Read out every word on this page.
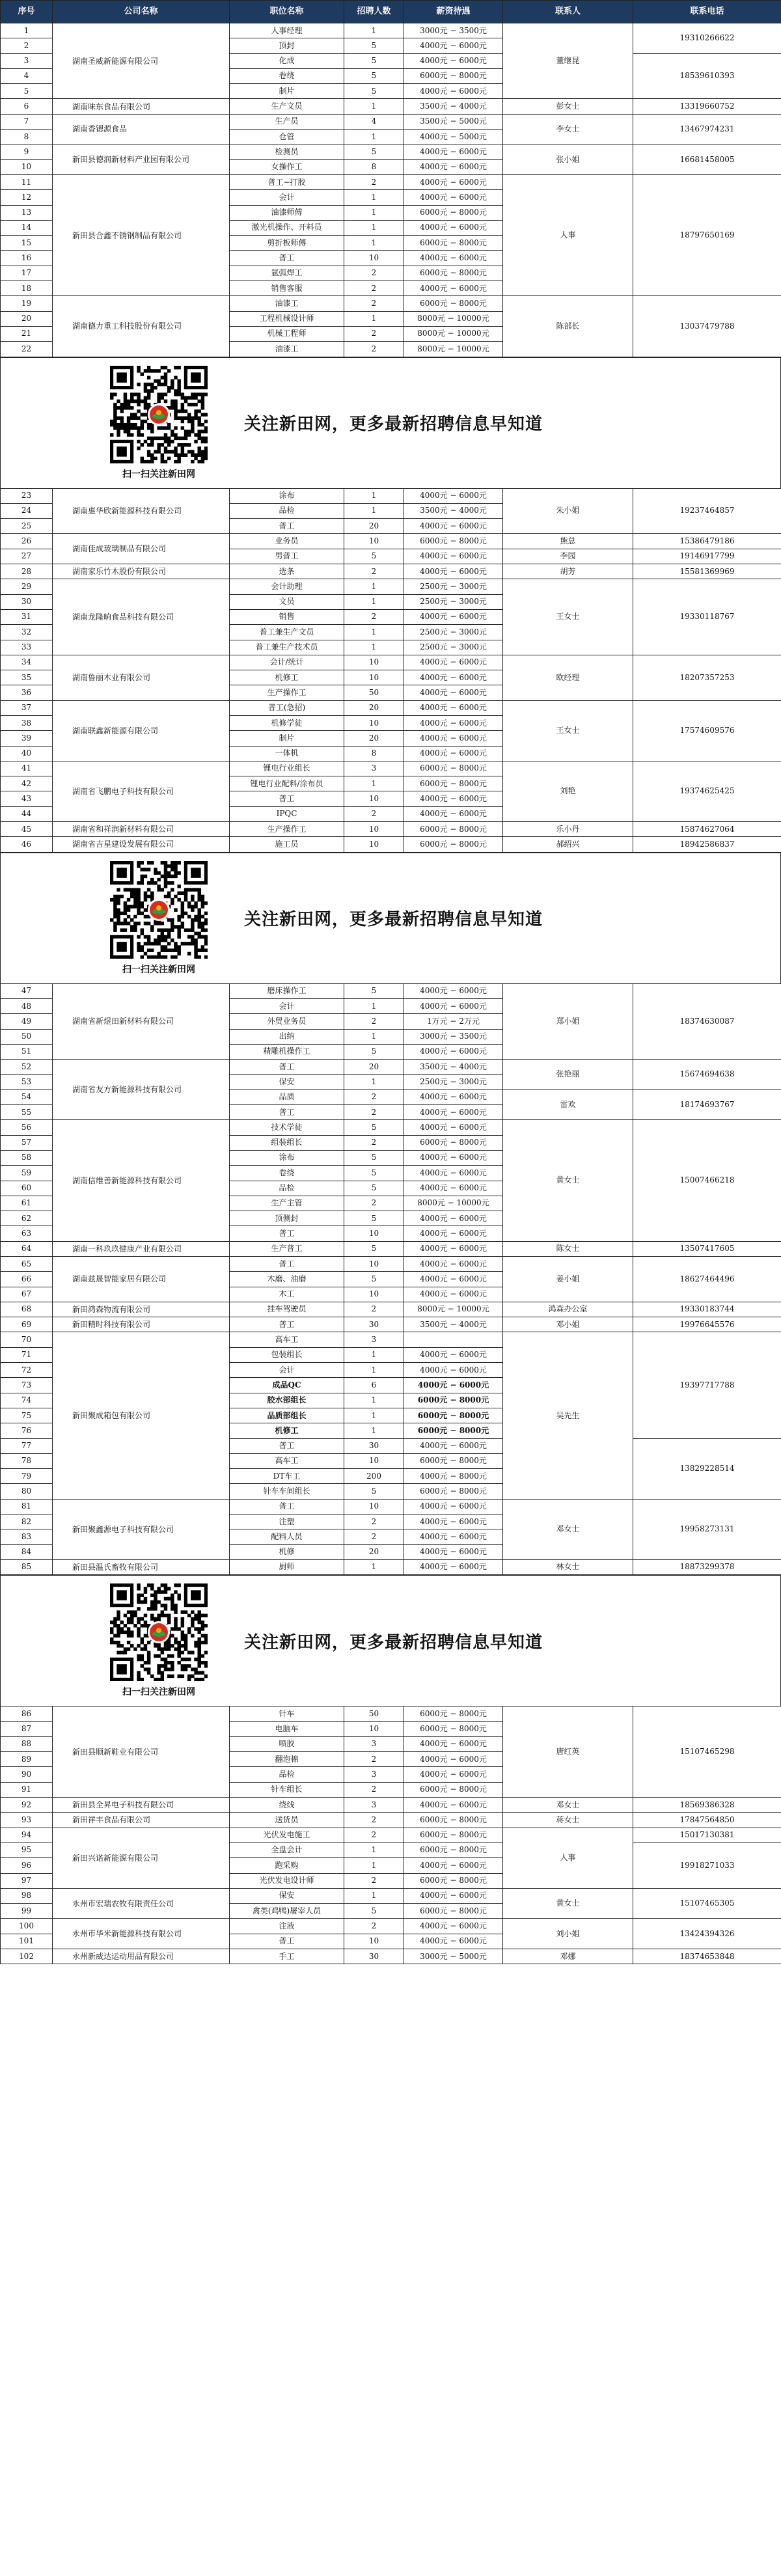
序号	公司名称	职位名称	招聘人数	薪资待遇	联系人	联系电话
1	湖南圣威新能源有限公司	人事经理	1	3000元 − 3500元	董继昆	19310266622
2		顶封	5	4000元 − 6000元		
3		化成	5	4000元 − 6000元		18539610393
4		卷绕	5	6000元 − 8000元		
5		制片	5	4000元 − 6000元		
6	湖南味东食品有限公司	生产文员	1	3500元 − 4000元	彭女士	13319660752
7	湖南香锶源食品	生产员	4	3500元 − 5000元	李女士	13467974231
8		仓管	1	4000元 − 5000元		
9	新田县德润新材料产业园有限公司	检测员	5	4000元 − 6000元	张小姐	16681458005
10		女操作工	8	4000元 − 6000元		
11	新田县合鑫不锈钢制品有限公司	普工−打胶	2	4000元 − 6000元	人事	18797650169
12		会计	1	4000元 − 6000元		
13		油漆师傅	1	6000元 − 8000元		
14		激光机操作、开料员	1	4000元 − 6000元		
15		剪折板师傅	1	6000元 − 8000元		
16		普工	10	4000元 − 6000元		
17		氩弧焊工	2	6000元 − 8000元		
18		销售客服	2	4000元 − 6000元		
19	湖南德力重工科技股份有限公司	油漆工	2	6000元 − 8000元	陈部长	13037479788
20		工程机械设计师	1	8000元 − 10000元		
21		机械工程师	2	8000元 − 10000元		
22		油漆工	2	8000元 − 10000元		
扫一扫关注新田网
关注新田网，更多最新招聘信息早知道
23	湖南惠华欣新能源科技有限公司	涂布	1	4000元 − 6000元	朱小姐	19237464857
24		品检	1	3500元 − 4000元		
25		普工	20	4000元 − 6000元		
26	湖南佳成玻璃制品有限公司	业务员	10	6000元 − 8000元	熊总	15386479186
27		男普工	5	4000元 − 6000元	李园	19146917799
28	湖南家乐竹木股份有限公司	选条	2	4000元 − 6000元	胡芳	15581369969
29	湖南龙隆晌食品科技有限公司	会计助理	1	2500元 − 3000元	王女士	19330118767
30		文员	1	2500元 − 3000元		
31		销售	2	4000元 − 6000元		
32		普工兼生产文员	1	2500元 − 3000元		
33		普工兼生产技术员	1	2500元 − 3000元		
34	湖南鲁丽木业有限公司	会计/统计	10	4000元 − 6000元	欧经理	18207357253
35		机修工	10	4000元 − 6000元		
36		生产操作工	50	4000元 − 6000元		
37	湖南联鑫新能源有限公司	普工(急招)	20	4000元 − 6000元	王女士	17574609576
38		机修学徒	10	4000元 − 6000元		
39		制片	20	4000元 − 6000元		
40		一体机	8	4000元 − 6000元		
41	湖南省飞鹏电子科技有限公司	锂电行业组长	3	6000元 − 8000元	刘艳	19374625425
42		锂电行业配料/涂布员	1	6000元 − 8000元		
43		普工	10	4000元 − 6000元		
44		IPQC	2	4000元 − 6000元		
45	湖南省和祥润新材料有限公司	生产操作工	10	6000元 − 8000元	乐小丹	15874627064
46	湖南省吉星建设发展有限公司	施工员	10	6000元 − 8000元	郝绍兴	18942586837
扫一扫关注新田网
关注新田网，更多最新招聘信息早知道
47	湖南省新煜田新材料有限公司	磨床操作工	5	4000元 − 6000元	郑小姐	18374630087
48		会计	1	4000元 − 6000元		
49		外贸业务员	2	1万元 − 2万元		
50		出纳	1	3000元 − 3500元		
51		精雕机操作工	5	4000元 − 6000元		
52	湖南省友方新能源科技有限公司	普工	20	3500元 − 4000元	张艳丽	15674694638
53		保安	1	2500元 − 3000元		
54		品质	2	4000元 − 6000元	雷欢	18174693767
55		普工	2	4000元 − 6000元		
56	湖南信维善新能源科技有限公司	技术学徒	5	4000元 − 6000元	黄女士	15007466218
57		组装组长	2	6000元 − 8000元		
58		涂布	5	4000元 − 6000元		
59		卷绕	5	4000元 − 6000元		
60		品检	5	4000元 − 6000元		
61		生产主管	2	8000元 − 10000元		
62		顶侧封	5	4000元 − 6000元		
63		普工	10	4000元 − 6000元		
64	湖南一科玖玖健康产业有限公司	生产普工	5	4000元 − 6000元	陈女士	13507417605
65	湖南兹晟智能家居有限公司	普工	10	4000元 − 6000元	姜小姐	18627464496
66		木磨、油磨	5	4000元 − 6000元		
67		木工	10	4000元 − 6000元		
68	新田鸿森物流有限公司	挂车驾驶员	2	8000元 − 10000元	鸿森办公室	19330183744
69	新田精时科技有限公司	普工	30	3500元 − 4000元	邓小姐	19976645576
70	新田聚成箱包有限公司	高车工	3		吴先生	19397717788
71		包装组长	1	4000元 − 6000元		
72		会计	1	4000元 − 6000元		
73		成品QC	6	4000元 − 6000元		
74		胶水部组长	1	6000元 − 8000元		
75		品质部组长	1	6000元 − 8000元		
76		机修工	1	6000元 − 8000元		
77		普工	30	4000元 − 6000元		13829228514
78		高车工	10	6000元 − 8000元		
79		DT车工	200	4000元 − 8000元		
80		针车车间组长	5	6000元 − 8000元		
81	新田聚鑫源电子科技有限公司	普工	10	4000元 − 6000元	邓女士	19958273131
82		注塑	2	4000元 − 6000元		
83		配料人员	2	4000元 − 6000元		
84		机修	20	4000元 − 6000元		
85	新田县温氏畜牧有限公司	厨师	1	4000元 − 6000元	林女士	18873299378
扫一扫关注新田网
关注新田网，更多最新招聘信息早知道
86	新田县顺新鞋业有限公司	针车	50	6000元 − 8000元	唐红英	15107465298
87		电脑车	10	6000元 − 8000元		
88		喷胶	3	4000元 − 6000元		
89		翻泡棉	2	4000元 − 6000元		
90		品检	3	4000元 − 6000元		
91		针车组长	2	6000元 − 8000元		
92	新田县全昇电子科技有限公司	绕线	3	4000元 − 6000元	邓女士	18569386328
93	新田祥丰食品有限公司	送货员	2	6000元 − 8000元	蒋女士	17847564850
94	新田兴诺新能源有限公司	光伏发电施工	2	6000元 − 8000元	人事	15017130381
95		全盘会计	1	6000元 − 8000元		19918271033
96		跑采购	1	4000元 − 6000元		
97		光伏发电设计师	2	6000元 − 8000元		
98	永州市宏瑞农牧有限责任公司	保安	1	4000元 − 6000元	黄女士	15107465305
99		禽类(鸡鸭)屠宰人员	5	6000元 − 8000元		
100	永州市华米新能源科技有限公司	注液	2	4000元 − 6000元	刘小姐	13424394326
101		普工	10	4000元 − 6000元		
102	永州新威达运动用品有限公司	手工	30	3000元 − 5000元	邓娜	18374653848
